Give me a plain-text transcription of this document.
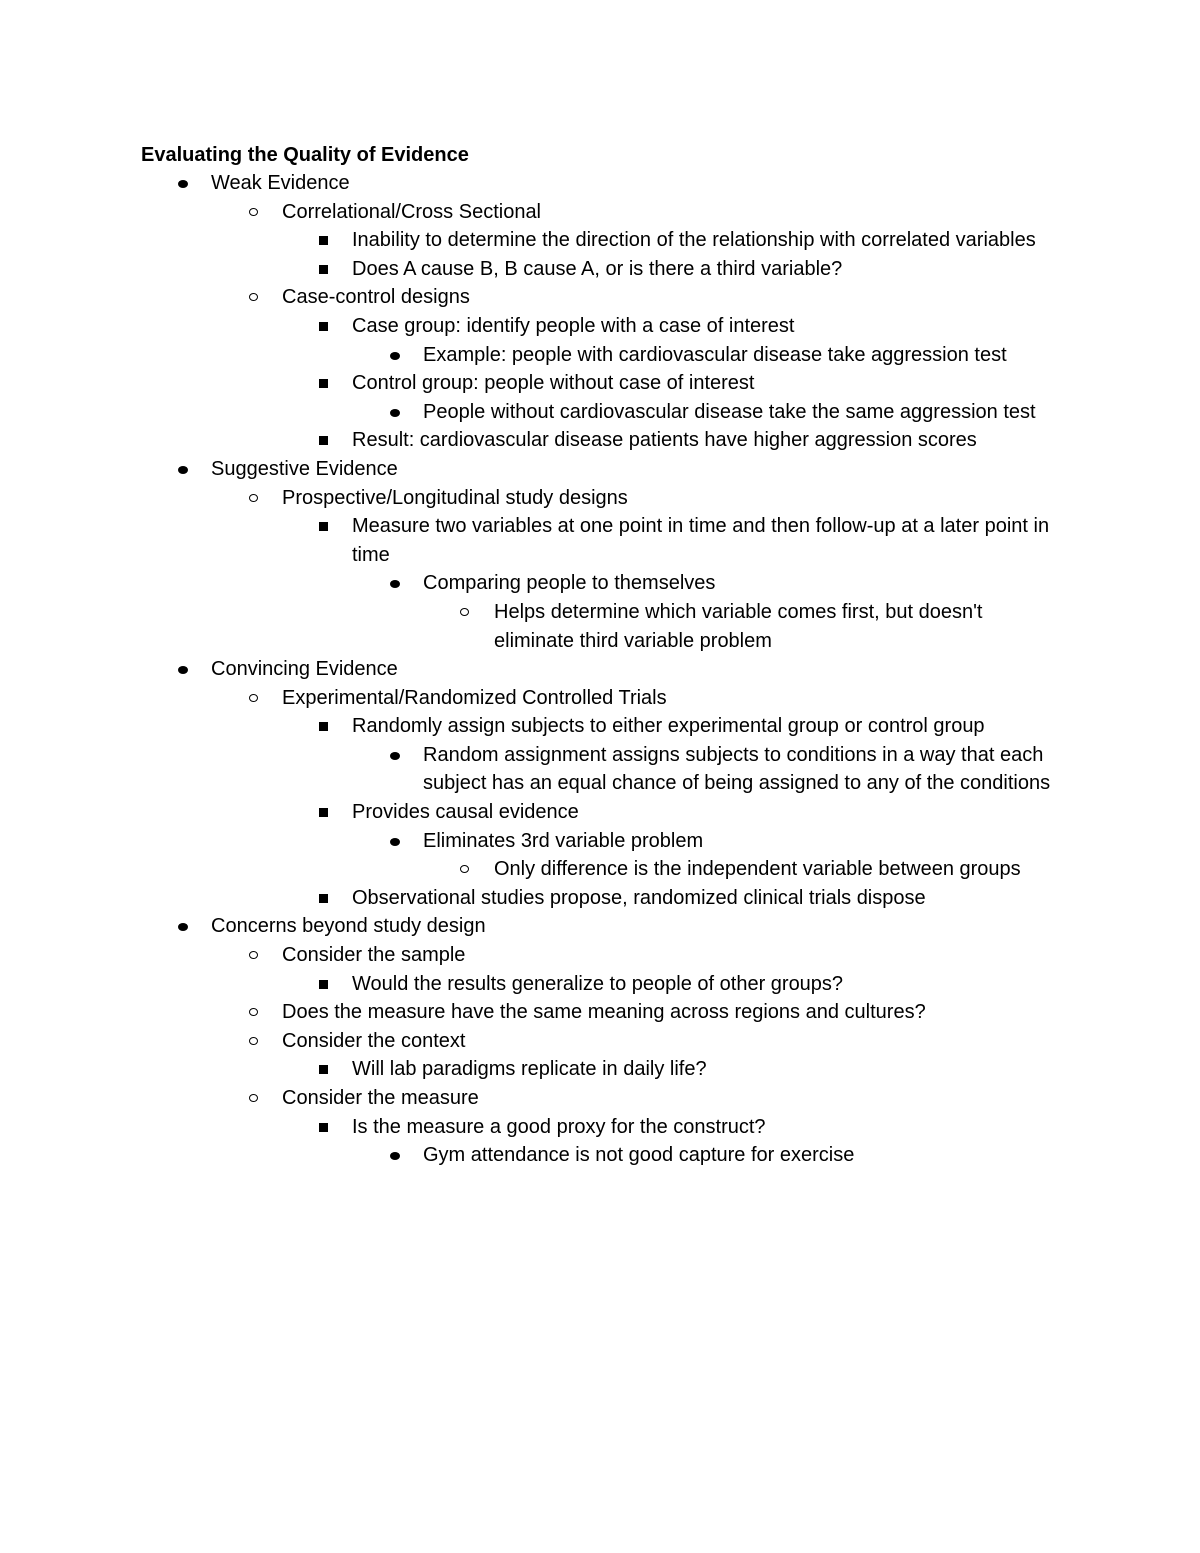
Evaluating the Quality of Evidence
Weak Evidence
Correlational/Cross Sectional
Inability to determine the direction of the relationship with correlated variables
Does A cause B, B cause A, or is there a third variable?
Case-control designs
Case group: identify people with a case of interest
Example: people with cardiovascular disease take aggression test
Control group: people without case of interest
People without cardiovascular disease take the same aggression test
Result: cardiovascular disease patients have higher aggression scores
Suggestive Evidence
Prospective/Longitudinal study designs
Measure two variables at one point in time and then follow-up at a later point in time
Comparing people to themselves
Helps determine which variable comes first, but doesn't eliminate third variable problem
Convincing Evidence
Experimental/Randomized Controlled Trials
Randomly assign subjects to either experimental group or control group
Random assignment assigns subjects to conditions in a way that each subject has an equal chance of being assigned to any of the conditions
Provides causal evidence
Eliminates 3rd variable problem
Only difference is the independent variable between groups
Observational studies propose, randomized clinical trials dispose
Concerns beyond study design
Consider the sample
Would the results generalize to people of other groups?
Does the measure have the same meaning across regions and cultures?
Consider the context
Will lab paradigms replicate in daily life?
Consider the measure
Is the measure a good proxy for the construct?
Gym attendance is not good capture for exercise
